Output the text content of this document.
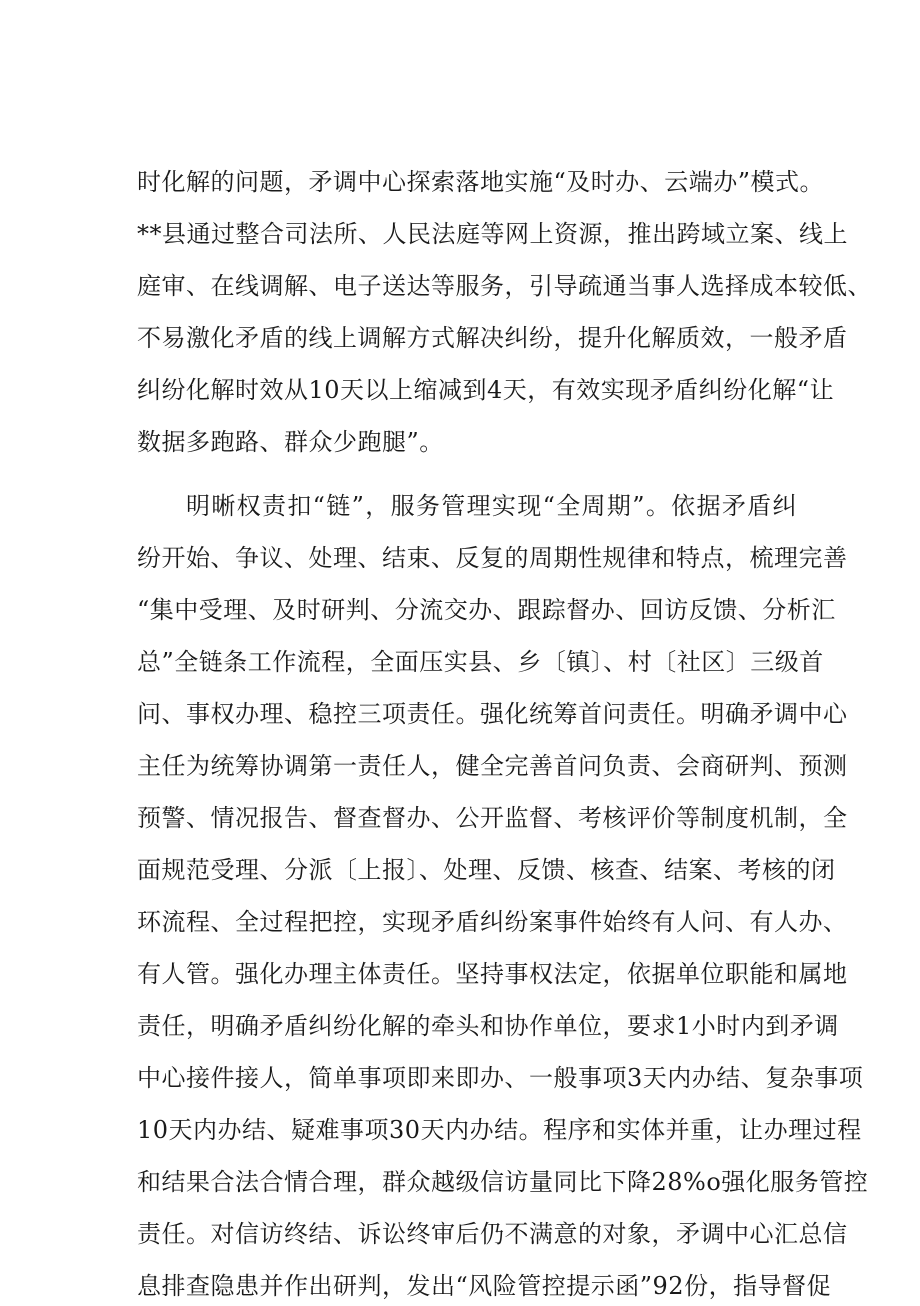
时化解的问题，矛调中心探索落地实施“及时办、云端办”模式。
**县通过整合司法所、人民法庭等网上资源，推出跨域立案、线上
庭审、在线调解、电子送达等服务，引导疏通当事人选择成本较低、
不易激化矛盾的线上调解方式解决纠纷，提升化解质效，一般矛盾
纠纷化解时效从10天以上缩减到4天，有效实现矛盾纠纷化解“让
数据多跑路、群众少跑腿”。
明晰权责扣“链”，服务管理实现“全周期”。依据矛盾纠
纷开始、争议、处理、结束、反复的周期性规律和特点，梳理完善
“集中受理、及时研判、分流交办、跟踪督办、回访反馈、分析汇
总”全链条工作流程，全面压实县、乡〔镇〕、村〔社区〕三级首
问、事权办理、稳控三项责任。强化统筹首问责任。明确矛调中心
主任为统筹协调第一责任人，健全完善首问负责、会商研判、预测
预警、情况报告、督查督办、公开监督、考核评价等制度机制，全
面规范受理、分派〔上报〕、处理、反馈、核查、结案、考核的闭
环流程、全过程把控，实现矛盾纠纷案事件始终有人问、有人办、
有人管。强化办理主体责任。坚持事权法定，依据单位职能和属地
责任，明确矛盾纠纷化解的牵头和协作单位，要求1小时内到矛调
中心接件接人，简单事项即来即办、一般事项3天内办结、复杂事项
10天内办结、疑难事项30天内办结。程序和实体并重，让办理过程
和结果合法合情合理，群众越级信访量同比下降28%o强化服务管控
责任。对信访终结、诉讼终审后仍不满意的对象，矛调中心汇总信
息排查隐患并作出研判，发出“风险管控提示函”92份，指导督促
